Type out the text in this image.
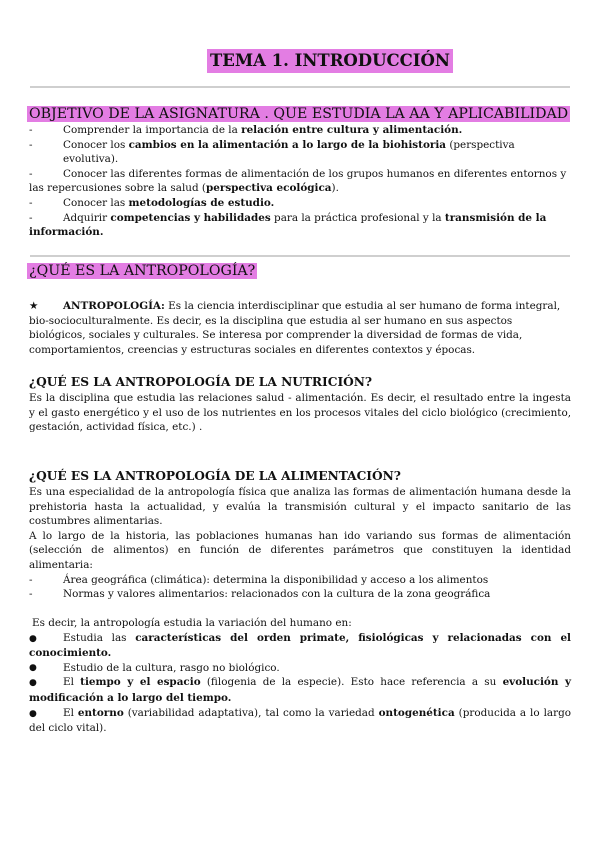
TEMA 1. INTRODUCCIÓN
OBJETIVO DE LA ASIGNATURA . QUE ESTUDIA LA AA Y APLICABILIDAD
-	Comprender la importancia de la relación entre cultura y alimentación.
-	Conocer los cambios en la alimentación a lo largo de la biohistoria (perspectiva evolutiva).

-	Conocer las diferentes formas de alimentación de los grupos humanos en diferentes entornos y las repercusiones sobre la salud (perspectiva ecológica).

-	Conocer las metodologías de estudio.

-	Adquirir competencias y habilidades para la práctica profesional y la transmisión de la información.

¿QUÉ ES LA ANTROPOLOGÍA?

★ ANTROPOLOGÍA: Es la ciencia interdisciplinar que estudia al ser humano de forma integral, bio-socioculturalmente. Es decir, es la disciplina que estudia al ser humano en sus aspectos biológicos, sociales y culturales. Se interesa por comprender la diversidad de formas de vida, comportamientos, creencias y estructuras sociales en diferentes contextos y épocas.

¿QUÉ ES LA ANTROPOLOGÍA DE LA NUTRICIÓN?
Es la disciplina que estudia las relaciones salud - alimentación. Es decir, el resultado entre la ingesta y el gasto energético y el uso de los nutrientes en los procesos vitales del ciclo biológico (crecimiento, gestación, actividad física, etc.) .
¿QUÉ ES LA ANTROPOLOGÍA DE LA ALIMENTACIÓN?

Es una especialidad de la antropología física que analiza las formas de alimentación humana desde la prehistoria hasta la actualidad, y evalúa la transmisión cultural y el impacto sanitario de las costumbres alimentarias.

A lo largo de la historia, las poblaciones humanas han ido variando sus formas de alimentación (selección de alimentos) en función de diferentes parámetros que constituyen la identidad alimentaria:

-	Área geográfica (climática): determina la disponibilidad y acceso a los alimentos
-	Normas y valores alimentarios: relacionados con la cultura de la zona geográfica

Es decir, la antropología estudia la variación del humano en:

●	Estudia las características del orden primate, fisiológicas y relacionadas con el conocimiento.

●	Estudio de la cultura, rasgo no biológico.

●	El tiempo y el espacio (filogenia de la especie). Esto hace referencia a su evolución y modificación a lo largo del tiempo.

●	El entorno (variabilidad adaptativa), tal como la variedad ontogenética (producida a lo largo del ciclo vital).
